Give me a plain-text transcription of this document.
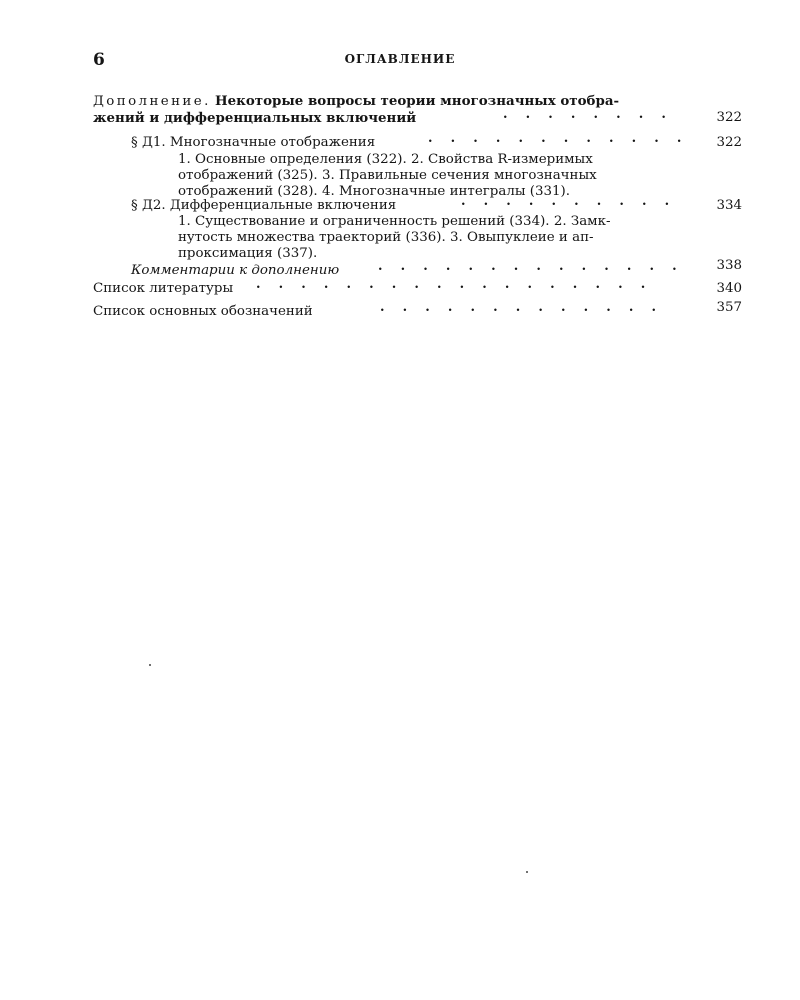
6	ОГЛАВЛЕНИЕ
Дополнение. Некоторые вопросы теории многозначных отобра-
жений и дифференциальных включений	.    .    .    .    .    .    .    .	322
§ Д1. Многозначные отображения	.    .    .    .    .    .    .    .    .    .    .    .	322
1. Основные определения (322). 2. Свойства R-измеримых
отображений (325). 3. Правильные сечения многозначных
отображений (328). 4. Многозначные интегралы (331).
§ Д2. Дифференциальные включения	.    .    .    .    .    .    .    .    .    .	334
1. Существование и ограниченность решений (334). 2. Замк-
нутость множества траекторий (336). 3. Овыпуклеие и ап-
проксимация (337).
Комментарии к дополнению	.    .    .    .    .    .    .    .    .    .    .    .    .    .	338
Список литературы .    .    .    .    .    .    .    .    .    .    .    .    .    .    .    .    .    .	340
Список основных обозначений	.    .    .    .    .    .    .    .    .    .    .    .    .	357
